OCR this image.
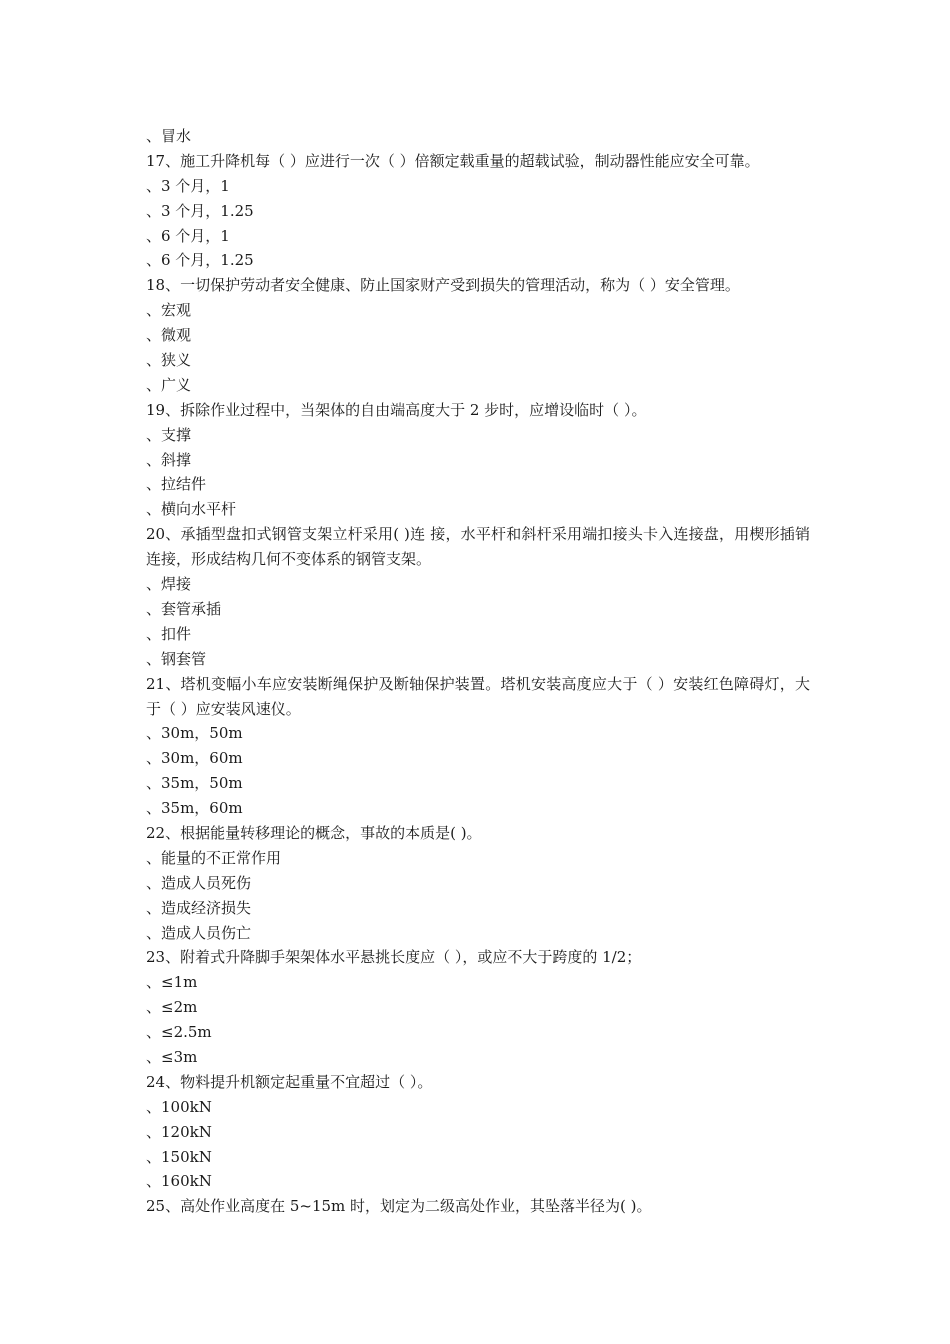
、冒水
17、施工升降机每（ ）应进行一次（ ）倍额定载重量的超载试验，制动器性能应安全可靠。
、3 个月，1
、3 个月，1.25
、6 个月，1
、6 个月，1.25
18、一切保护劳动者安全健康、防止国家财产受到损失的管理活动，称为（ ）安全管理。
、宏观
、微观
、狭义
、广义
19、拆除作业过程中，当架体的自由端高度大于 2 步时，应增设临时（ ）。
、支撑
、斜撑
、拉结件
、横向水平杆
20、承插型盘扣式钢管支架立杆采用( )连 接，水平杆和斜杆采用端扣接头卡入连接盘，用楔形插销连接，形成结构几何不变体系的钢管支架。
、焊接
、套管承插
、扣件
、钢套管
21、塔机变幅小车应安装断绳保护及断轴保护装置。塔机安装高度应大于（ ）安装红色障碍灯，大于（ ）应安装风速仪。
、30m，50m
、30m，60m
、35m，50m
、35m，60m
22、根据能量转移理论的概念，事故的本质是( )。
、能量的不正常作用
、造成人员死伤
、造成经济损失
、造成人员伤亡
23、附着式升降脚手架架体水平悬挑长度应（ ），或应不大于跨度的 1/2；
、≤1m
、≤2m
、≤2.5m
、≤3m
24、物料提升机额定起重量不宜超过（ ）。
、100kN
、120kN
、150kN
、160kN
25、高处作业高度在 5~15m 时，划定为二级高处作业，其坠落半径为( )。
